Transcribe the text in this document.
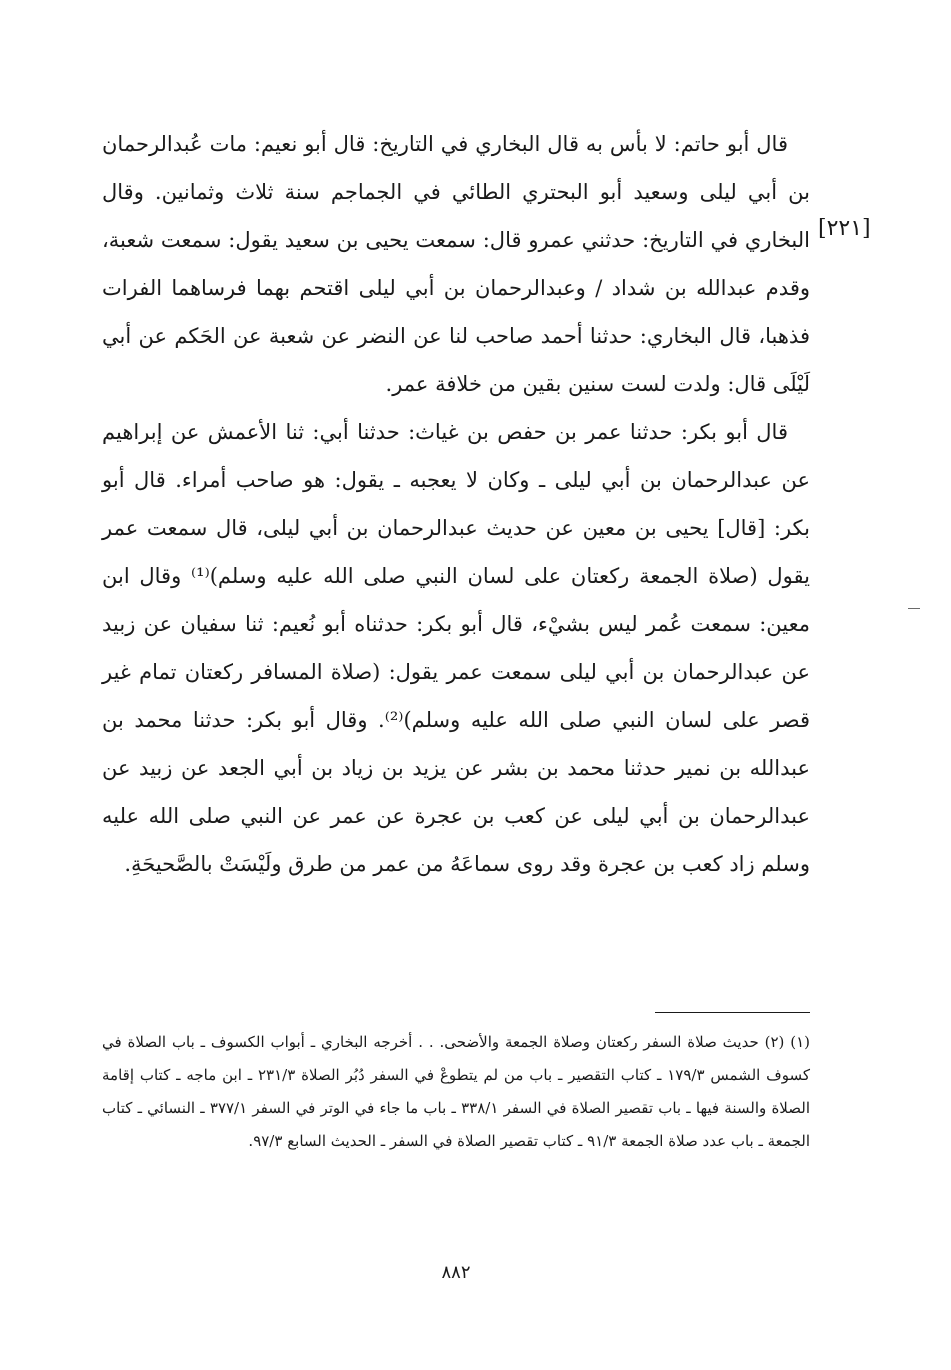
[٢٢١]

قال أبو حاتم: لا بأس به قال البخاري في التاريخ: قال أبو نعيم: مات عُبدالرحمان بن أبي ليلى وسعيد أبو البحتري الطائي في الجماجم سنة ثلاث وثمانين. وقال البخاري في التاريخ: حدثني عمرو قال: سمعت يحيى بن سعيد يقول: سمعت شعبة، وقدم عبدالله بن شداد / وعبدالرحمان بن أبي ليلى اقتحم بهما فرساهما الفرات فذهبا، قال البخاري: حدثنا أحمد صاحب لنا عن النضر عن شعبة عن الحَكم عن أبي لَيْلَى قال: ولدت لست سنين بقين من خلافة عمر.

قال أبو بكر: حدثنا عمر بن حفص بن غياث: حدثنا أبي: ثنا الأعمش عن إبراهيم عن عبدالرحمان بن أبي ليلى ـ وكان لا يعجبه ـ يقول: هو صاحب أمراء. قال أبو بكر: [قال] يحيى بن معين عن حديث عبدالرحمان بن أبي ليلى، قال سمعت عمر يقول (صلاة الجمعة ركعتان على لسان النبي صلى الله عليه وسلم)⁽¹⁾ وقال ابن معين: سمعت عُمر ليس بشيْء، قال أبو بكر: حدثناه أبو نُعيم: ثنا سفيان عن زبيد عن عبدالرحمان بن أبي ليلى سمعت عمر يقول: (صلاة المسافر ركعتان تمام غير قصر على لسان النبي صلى الله عليه وسلم)⁽²⁾. وقال أبو بكر: حدثنا محمد بن عبدالله بن نمير حدثنا محمد بن بشر عن يزيد بن زياد بن أبي الجعد عن زبيد عن عبدالرحمان بن أبي ليلى عن كعب بن عجرة عن عمر عن النبي صلى الله عليه وسلم زاد كعب بن عجرة وقد روى سماعَهُ من عمر من طرق ولَيْسَتْ بالصَّحيحَةِ.

(١) (٢) حديث صلاة السفر ركعتان وصلاة الجمعة والأضحى. . . أخرجه البخاري ـ أبواب الكسوف ـ باب الصلاة في كسوف الشمس ١٧٩/٣ ـ كتاب التقصير ـ باب من لم يتطوعْ في السفر دُبُر الصلاة ٢٣١/٣ ـ ابن ماجه ـ كتاب إقامة الصلاة والسنة فيها ـ باب تقصير الصلاة في السفر ٣٣٨/١ ـ باب ما جاء في الوتر في السفر ٣٧٧/١ ـ النسائي ـ كتاب الجمعة ـ باب عدد صلاة الجمعة ٩١/٣ ـ كتاب تقصير الصلاة في السفر ـ الحديث السابع ٩٧/٣.

٨٨٢
